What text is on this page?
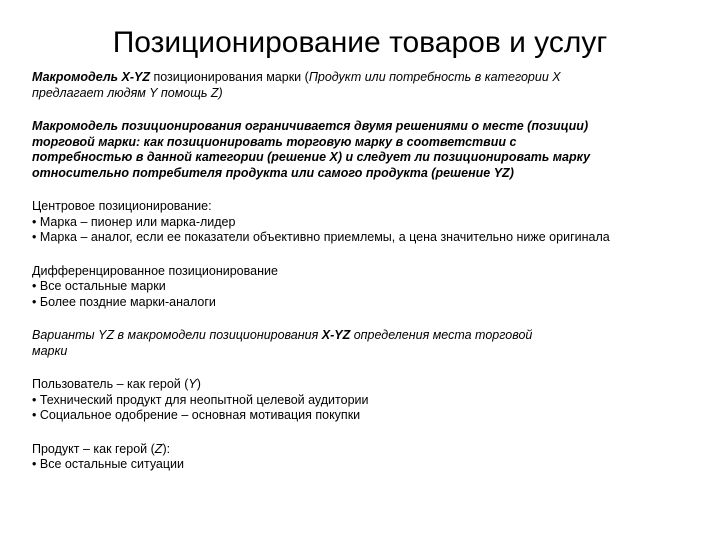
Позиционирование товаров и услуг
Макромодель X-YZ позиционирования марки (Продукт или потребность в категории X
предлагает людям Y помощь Z)
Макромодель позиционирования ограничивается двумя решениями о месте (позиции)
торговой марки: как позиционировать торговую марку в соответствии с
потребностью в данной категории (решение X) и следует ли позиционировать марку
относительно потребителя продукта или самого продукта (решение YZ)
Центровое позиционирование:
• Марка – пионер или марка-лидер
• Марка – аналог, если ее показатели объективно приемлемы, а цена значительно ниже оригинала
Дифференцированное позиционирование
• Все остальные марки
• Более поздние марки-аналоги
Варианты YZ в макромодели позиционирования X-YZ определения места торговой
марки
Пользователь – как герой (Y)
• Технический продукт для неопытной целевой аудитории
• Социальное одобрение – основная мотивация покупки
Продукт – как герой (Z):
• Все остальные ситуации
